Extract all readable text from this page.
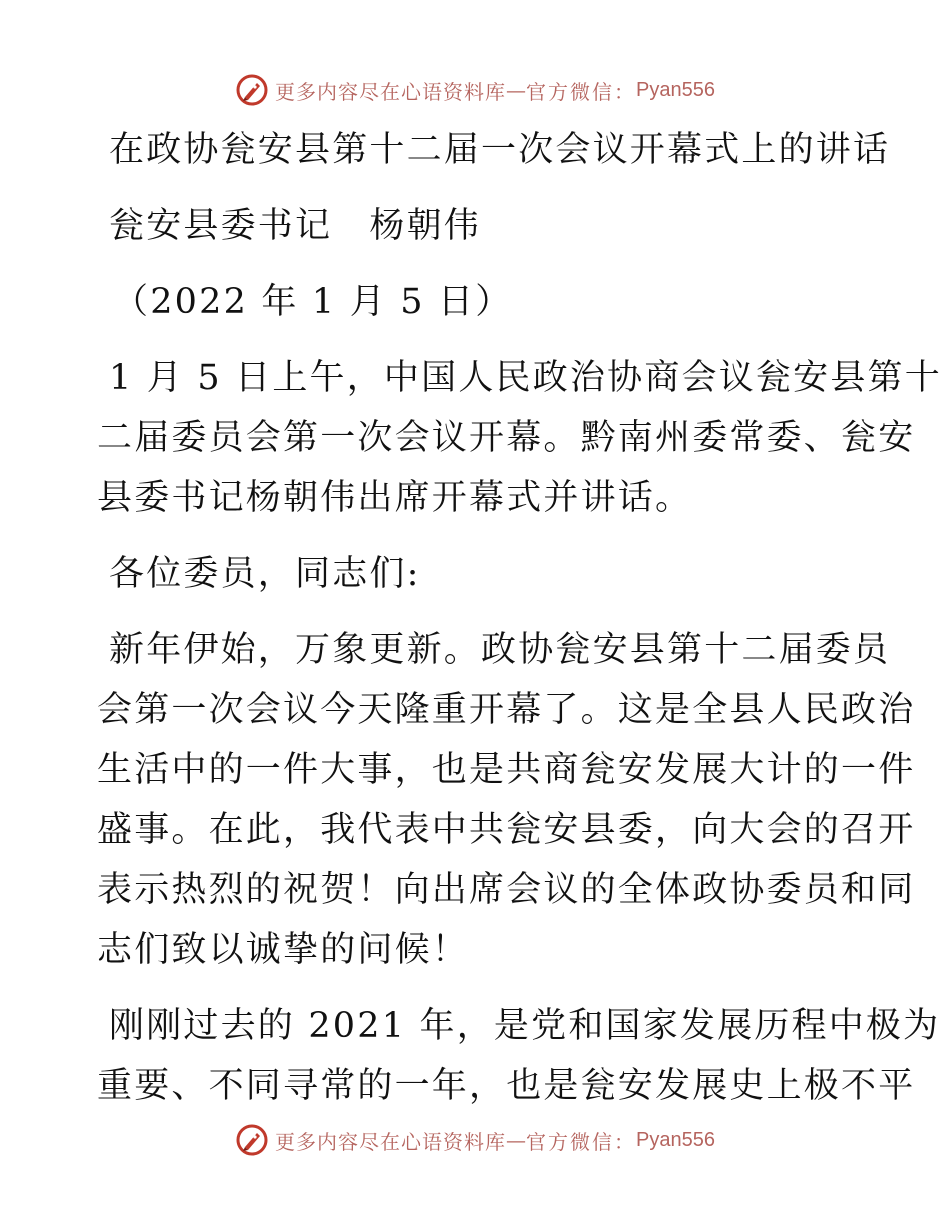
更多内容尽在心语资料库 — 官方微信： Pyan556
在政协瓮安县第十二届一次会议开幕式上的讲话
瓮安县委书记　杨朝伟
（2022 年 1 月 5 日）
1 月 5 日上午，中国人民政治协商会议瓮安县第十
二届委员会第一次会议开幕。黔南州委常委、瓮安
县委书记杨朝伟出席开幕式并讲话。
各位委员，同志们:
新年伊始，万象更新。政协瓮安县第十二届委员
会第一次会议今天隆重开幕了。这是全县人民政治
生活中的一件大事，也是共商瓮安发展大计的一件
盛事。在此，我代表中共瓮安县委，向大会的召开
表示热烈的祝贺！向出席会议的全体政协委员和同
志们致以诚挚的问候！
刚刚过去的 2021 年，是党和国家发展历程中极为
重要、不同寻常的一年，也是瓮安发展史上极不平
更多内容尽在心语资料库 — 官方微信： Pyan556
